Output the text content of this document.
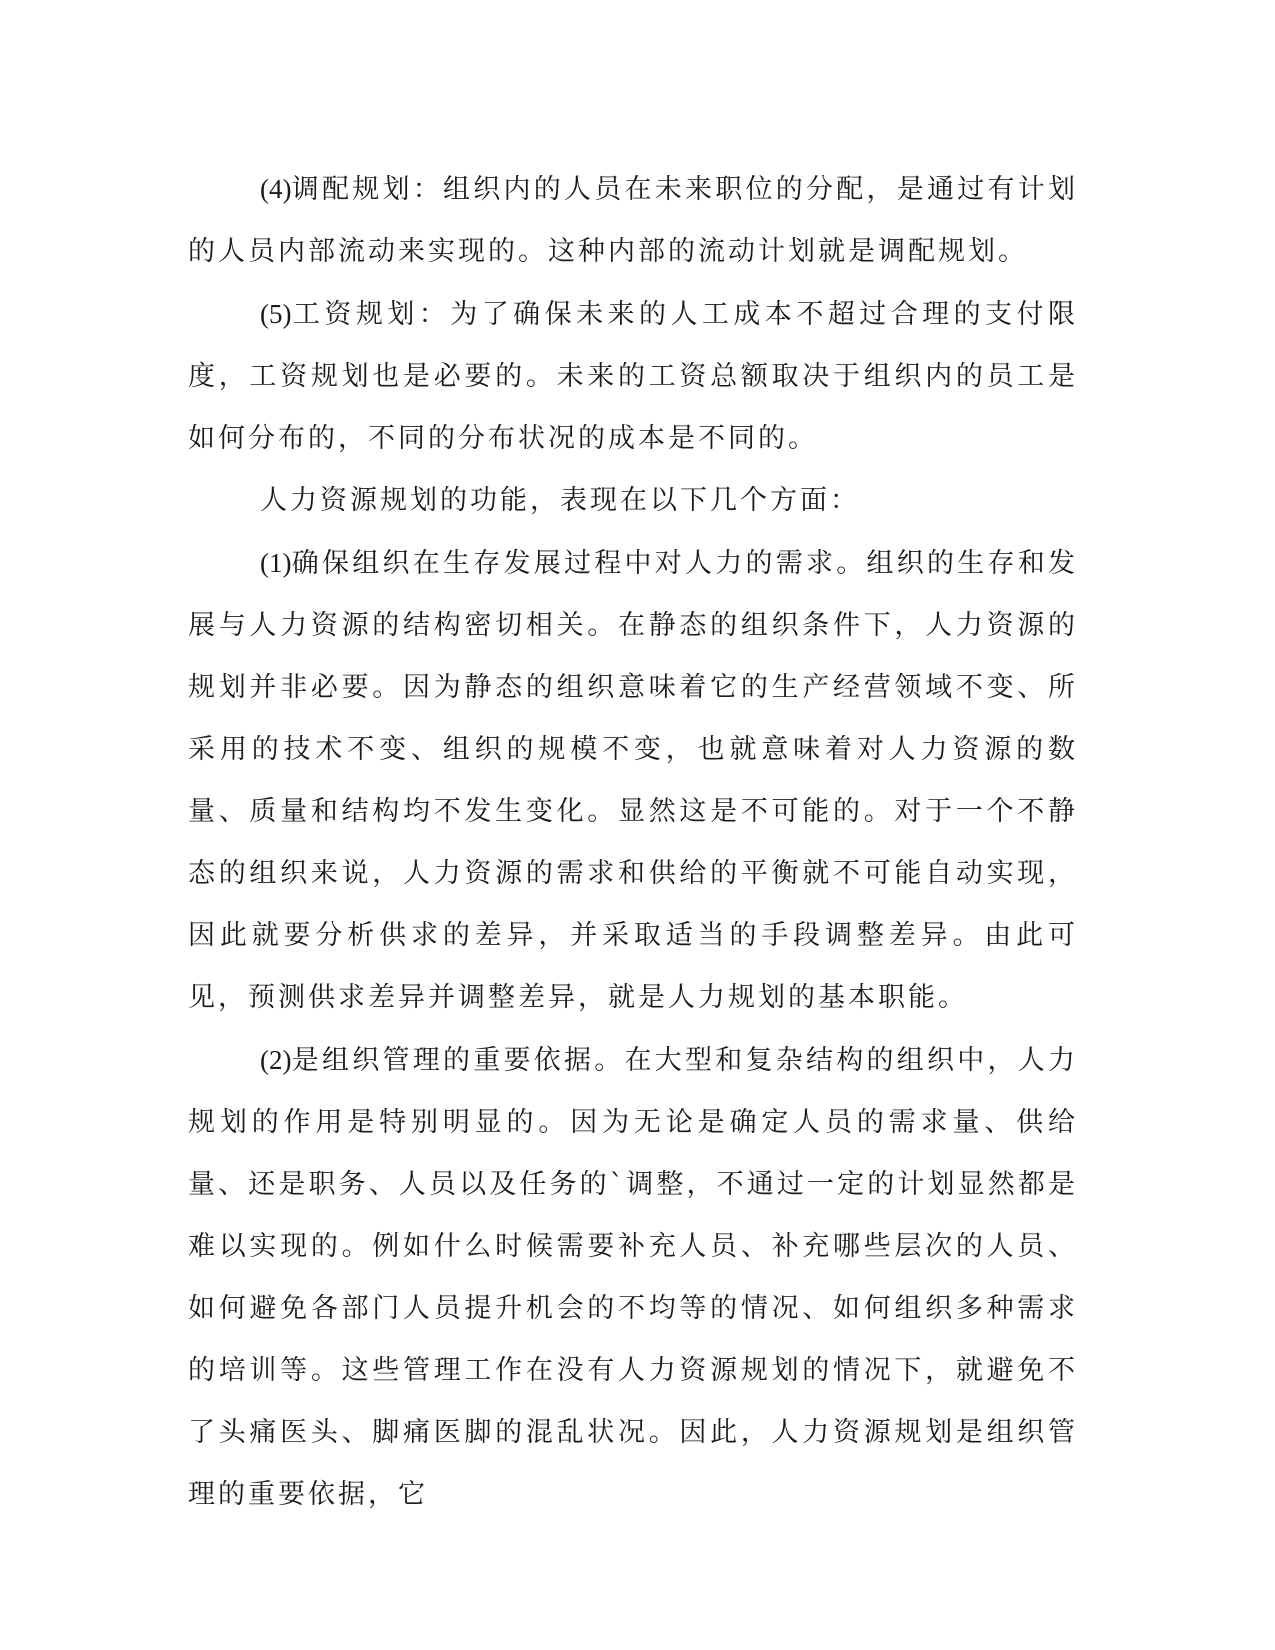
(4)调配规划：组织内的人员在未来职位的分配，是通过有计划的人员内部流动来实现的。这种内部的流动计划就是调配规划。

(5)工资规划：为了确保未来的人工成本不超过合理的支付限度，工资规划也是必要的。未来的工资总额取决于组织内的员工是如何分布的，不同的分布状况的成本是不同的。

人力资源规划的功能，表现在以下几个方面：

(1)确保组织在生存发展过程中对人力的需求。组织的生存和发展与人力资源的结构密切相关。在静态的组织条件下，人力资源的规划并非必要。因为静态的组织意味着它的生产经营领域不变、所采用的技术不变、组织的规模不变，也就意味着对人力资源的数量、质量和结构均不发生变化。显然这是不可能的。对于一个不静态的组织来说，人力资源的需求和供给的平衡就不可能自动实现，因此就要分析供求的差异，并采取适当的手段调整差异。由此可见，预测供求差异并调整差异，就是人力规划的基本职能。

(2)是组织管理的重要依据。在大型和复杂结构的组织中，人力规划的作用是特别明显的。因为无论是确定人员的需求量、供给量、还是职务、人员以及任务的`调整，不通过一定的计划显然都是难以实现的。例如什么时候需要补充人员、补充哪些层次的人员、如何避免各部门人员提升机会的不均等的情况、如何组织多种需求的培训等。这些管理工作在没有人力资源规划的情况下，就避免不了头痛医头、脚痛医脚的混乱状况。因此，人力资源规划是组织管理的重要依据，它
